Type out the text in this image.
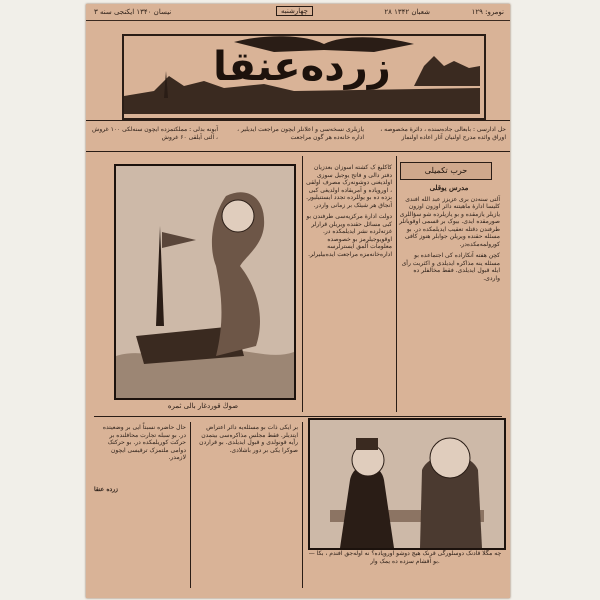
نومرو: ۱۲۹
۲۸ شعبان ۱۳۴۲
چهارشنبه
۳ نیسان ۱۳۴۰ ایکنجی سنه
زرده‌عنقا
حل ادارسی : بابعالی جاده‌سنده ، دائرۀ مخصوصه ، اوراق وائده مدرج اولنیان آثار اعاده اولنماز
یازیلری نسخه‌سی و اعلانلر ایچون مراجعت ایدیلیر ، اداره خانه‌ده هر گون مراجعت
آبونه بدلی : مملکتمزده ایچون سنه‌لکی ۱۰۰ غروش ، آلتی آیلقی ۶۰ غروش
حرب تکمیلی

مدرس یوقلی

آلتی سنه‌دن بری عزیزز عبد الله افندی کلیسا ادارۀ ماهیتنه دائر اوزون اوزون یازیلر یازمقده و بو یازیلرده شو سؤاللری صورمقده ایدی. بیوک بر قسمی اوقویانلر طرفندن دقتله تعقیب ایدیلمکده در. بو مسئله حقنده ویریلن جوابلر هنوز کافی کورولمه‌مکده‌در.

کچن هفته آنکاراده کی اجتماعده بو مسئله ینه مذاکره ایدیلدی و اکثریت رأی ایله قبول ایدیلدی. فقط مخالفلر ده واردی.

کاکلیغ ک کشته آسوزان بعدزیان دفتر دالی و فاتح یوجیل سوزی اولدیغنی دوشونه‌رک مصرف اولقی ، اوروپاده و آمریقاده اولدیغی کبی بزده ده بو یوللرده تجدد ایستنیلیور. آنجاق هر شیئک بر زمانی واردر.

دولت ادارۀ مرکزیه‌سی طرفندن بو کبی مسائل حقنده ویریلن قرارلر غزته‌لرده نشر ایدیلمکده در. اوقویوجیلرمز بو خصوصده معلومات آلمق ایسترلرسه اداره‌خانه‌مزه مراجعت ایده‌بیلیرلر.

صوڭ قوردغار بالی ثمره
— چه مگلا قادنک دوسلورگی قرنک هیچ دوشو اوروپاده؟ نه اوله‌جق آفندم ، بکا بو آقشام سزده ده یمک وار.

حال حاضره نسبتاً ایی بر وضعیتده در. بو سبله تجارت محافلنده بر حرکت کوریلمکده در. بو حرکتک دوامی ملتمزک ترقیسی ایچون لازمدر.

زرده عنقا

بر ایکی ذات بو مسئله‌یه دائر اعتراض ایتدیلر. فقط مجلس مذاکره‌سی بیتمدن رأیه قونولدی و قبول ایدیلدی. بو قراردن صوکرا یکی بر دور باشلادی.
